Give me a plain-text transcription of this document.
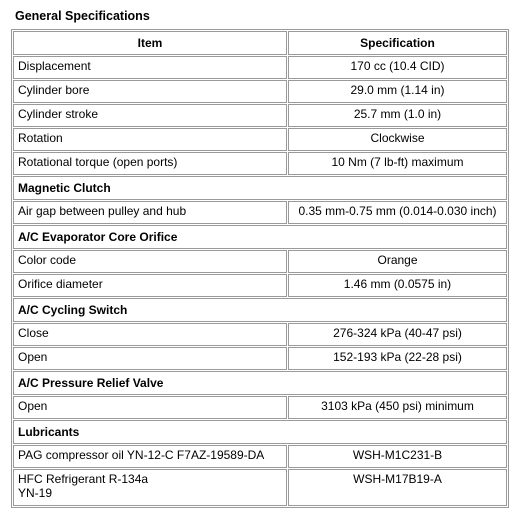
General Specifications
Item	Specification
Displacement	170 cc (10.4 CID)
Cylinder bore	29.0 mm (1.14 in)
Cylinder stroke	25.7 mm (1.0 in)
Rotation	Clockwise
Rotational torque (open ports)	10 Nm (7 lb-ft) maximum
Magnetic Clutch	
Air gap between pulley and hub	0.35 mm-0.75 mm (0.014-0.030 inch)
A/C Evaporator Core Orifice	
Color code	Orange
Orifice diameter	1.46 mm (0.0575 in)
A/C Cycling Switch	
Close	276-324 kPa (40-47 psi)
Open	152-193 kPa (22-28 psi)
A/C Pressure Relief Valve	
Open	3103 kPa (450 psi) minimum
Lubricants	
PAG compressor oil YN-12-C F7AZ-19589-DA	WSH-M1C231-B

HFC Refrigerant R-134a
YN-19	WSH-M17B19-A
